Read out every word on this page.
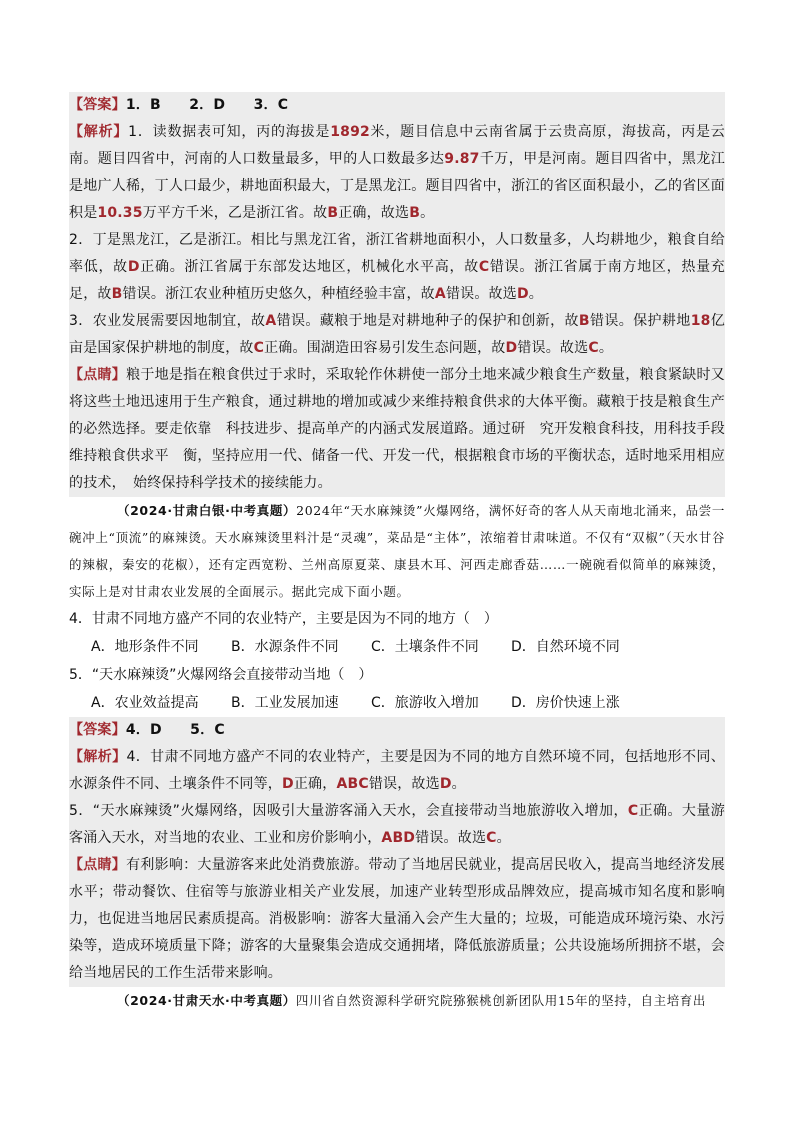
【答案】1．B　　2．D　　3．C

【解析】1．读数据表可知，丙的海拔是1892米，题目信息中云南省属于云贵高原，海拔高，丙是云南。题目四省中，河南的人口数量最多，甲的人口数最多达9.87千万，甲是河南。题目四省中，黑龙江是地广人稀，丁人口最少，耕地面积最大，丁是黑龙江。题目四省中，浙江的省区面积最小，乙的省区面积是10.35万平方千米，乙是浙江省。故B正确，故选B。

2．丁是黑龙江，乙是浙江。相比与黑龙江省，浙江省耕地面积小，人口数量多，人均耕地少，粮食自给率低，故D正确。浙江省属于东部发达地区，机械化水平高，故C错误。浙江省属于南方地区，热量充足，故B错误。浙江农业种植历史悠久，种植经验丰富，故A错误。故选D。

3．农业发展需要因地制宜，故A错误。藏粮于地是对耕地种子的保护和创新，故B错误。保护耕地18亿亩是国家保护耕地的制度，故C正确。围湖造田容易引发生态问题，故D错误。故选C。

【点睛】粮于地是指在粮食供过于求时，采取轮作休耕使一部分土地来减少粮食生产数量，粮食紧缺时又将这些土地迅速用于生产粮食，通过耕地的增加或减少来维持粮食供求的大体平衡。藏粮于技是粮食生产的必然选择。要走依靠　科技进步、提高单产的内涵式发展道路。通过研　究开发粮食科技，用科技手段维持粮食供求平　衡，坚持应用一代、储备一代、开发一代，根据粮食市场的平衡状态，适时地采用相应的技术，　始终保持科学技术的接续能力。

（2024·甘肃白银·中考真题）2024年“天水麻辣烫”火爆网络，满怀好奇的客人从天南地北涌来，品尝一碗冲上“顶流”的麻辣烫。天水麻辣烫里料汁是“灵魂”，菜品是“主体”，浓缩着甘肃味道。不仅有“双椒”（天水甘谷的辣椒，秦安的花椒），还有定西宽粉、兰州高原夏菜、康县木耳、河西走廊香菇……一碗碗看似简单的麻辣烫，实际上是对甘肃农业发展的全面展示。据此完成下面小题。

4．甘肃不同地方盛产不同的农业特产，主要是因为不同的地方（　）

A．地形条件不同	B．水源条件不同	C．土壤条件不同	D．自然环境不同

5．“天水麻辣烫”火爆网络会直接带动当地（　）

A．农业效益提高	B．工业发展加速	C．旅游收入增加	D．房价快速上涨

【答案】4．D　　5．C

【解析】4．甘肃不同地方盛产不同的农业特产，主要是因为不同的地方自然环境不同，包括地形不同、水源条件不同、土壤条件不同等，D正确，ABC错误，故选D。

5．“天水麻辣烫”火爆网络，因吸引大量游客涌入天水，会直接带动当地旅游收入增加，C正确。大量游客涌入天水，对当地的农业、工业和房价影响小，ABD错误。故选C。

【点睛】有利影响：大量游客来此处消费旅游。带动了当地居民就业，提高居民收入，提高当地经济发展水平；带动餐饮、住宿等与旅游业相关产业发展，加速产业转型形成品牌效应，提高城市知名度和影响力，也促进当地居民素质提高。消极影响：游客大量涌入会产生大量的；垃圾，可能造成环境污染、水污染等，造成环境质量下降；游客的大量聚集会造成交通拥堵，降低旅游质量；公共设施场所拥挤不堪，会给当地居民的工作生活带来影响。

（2024·甘肃天水·中考真题）四川省自然资源科学研究院猕猴桃创新团队用15年的坚持，自主培育出
